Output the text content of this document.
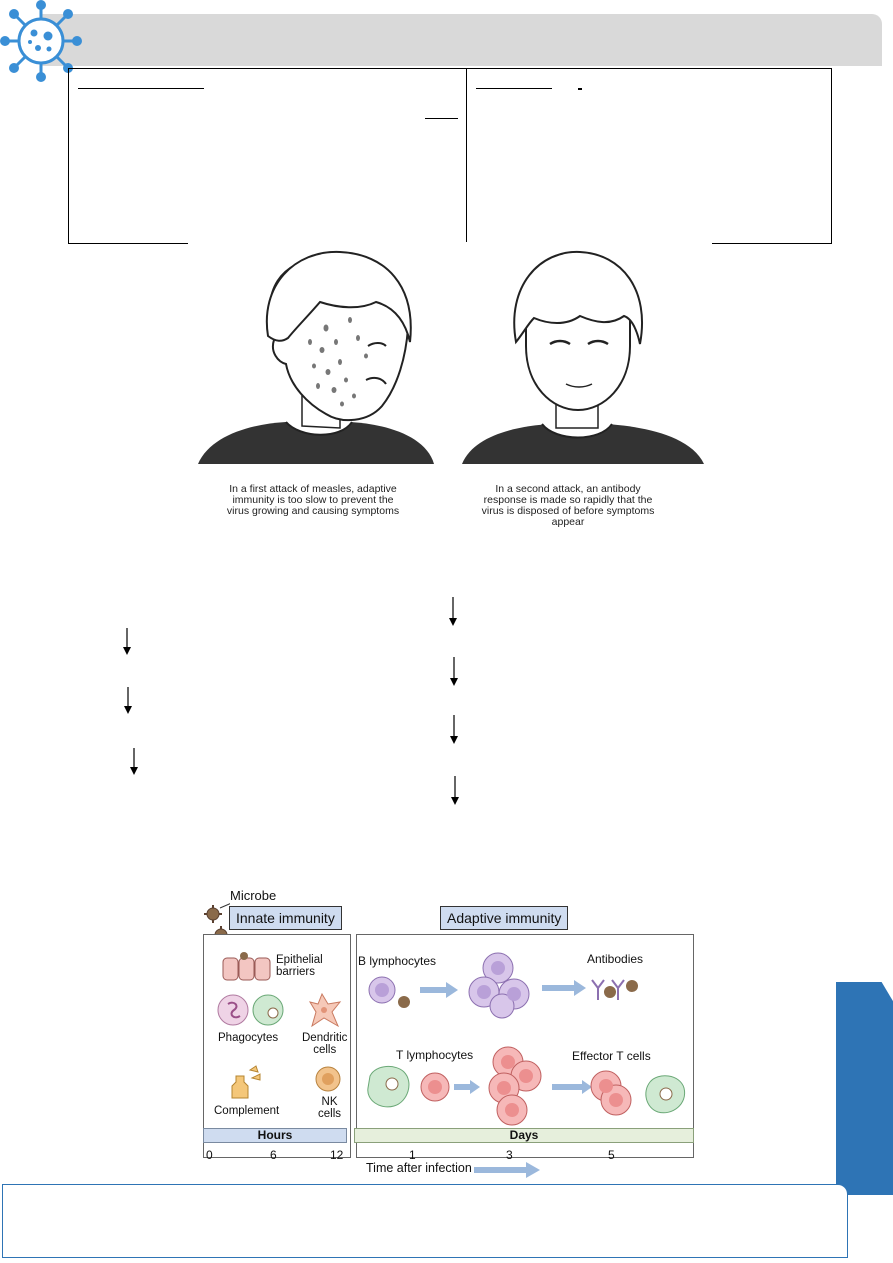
In a first attack of measles, adaptive immunity is too slow to prevent the virus growing and causing symptoms
In a second attack, an antibody response is made so rapidly that the virus is disposed of before symptoms appear
Microbe
Innate immunity	Adaptive immunity
Epithelial
barriers
Phagocytes Dendritic
cells
Complement
NK
cells
B lymphocytes	Antibodies
T lymphocytes	Effector T cells
Hours	Days
0	6	12	1	3	5
Time after infection
